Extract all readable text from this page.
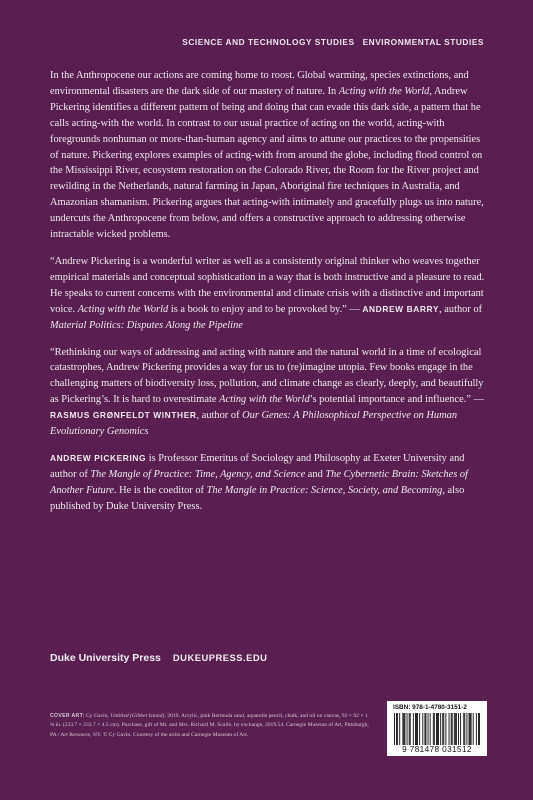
SCIENCE AND TECHNOLOGY STUDIES ENVIRONMENTAL STUDIES

In the Anthropocene our actions are coming home to roost. Global warming, species extinctions, and environmental disasters are the dark side of our mastery of nature. In Acting with the World, Andrew Pickering identifies a different pattern of being and doing that can evade this dark side, a pattern that he calls acting-with the world. In contrast to our usual practice of acting on the world, acting-with foregrounds nonhuman or more-than-human agency and aims to attune our practices to the propensities of nature. Pickering explores examples of acting-with from around the globe, including flood control on the Mississippi River, ecosystem restoration on the Colorado River, the Room for the River project and rewilding in the Netherlands, natural farming in Japan, Aboriginal fire techniques in Australia, and Amazonian shamanism. Pickering argues that acting-with intimately and gracefully plugs us into nature, undercuts the Anthropocene from below, and offers a constructive approach to addressing otherwise intractable wicked problems.

“Andrew Pickering is a wonderful writer as well as a consistently original thinker who weaves together empirical materials and conceptual sophistication in a way that is both instructive and a pleasure to read. He speaks to current concerns with the environmental and climate crisis with a distinctive and important voice. Acting with the World is a book to enjoy and to be provoked by.” — ANDREW BARRY, author of Material Politics: Disputes Along the Pipeline

“Rethinking our ways of addressing and acting with nature and the natural world in a time of ecological catastrophes, Andrew Pickering provides a way for us to (re)imagine utopia. Few books engage in the challenging matters of biodiversity loss, pollution, and climate change as clearly, deeply, and beautifully as Pickering’s. It is hard to overestimate Acting with the World’s potential importance and influence.” — RASMUS GRØNFELDT WINTHER, author of Our Genes: A Philosophical Perspective on Human Evolutionary Genomics

ANDREW PICKERING is Professor Emeritus of Sociology and Philosophy at Exeter University and author of The Mangle of Practice: Time, Agency, and Science and The Cybernetic Brain: Sketches of Another Future. He is the coeditor of The Mangle in Practice: Science, Society, and Becoming, also published by Duke University Press.

Duke University Press DUKEUPRESS.EDU
COVER ART: Cy Gavin, Untitled (Gibbet Island), 2019. Acrylic, pink Bermuda sand, aquarelle pencil, chalk, and oil on canvas, 92 × 92 × 1 ¾ in. (233.7 × 233.7 × 4.5 cm). Purchase, gift of Mr. and Mrs. Richard M. Scaife, by exchange, 2019.54. Carnegie Museum of Art, Pittsburgh, PA / Art Resource, NY. © Cy Gavin. Courtesy of the artist and Carnegie Museum of Art.
ISBN: 978-1-4780-3151-2
9 781478 031512
